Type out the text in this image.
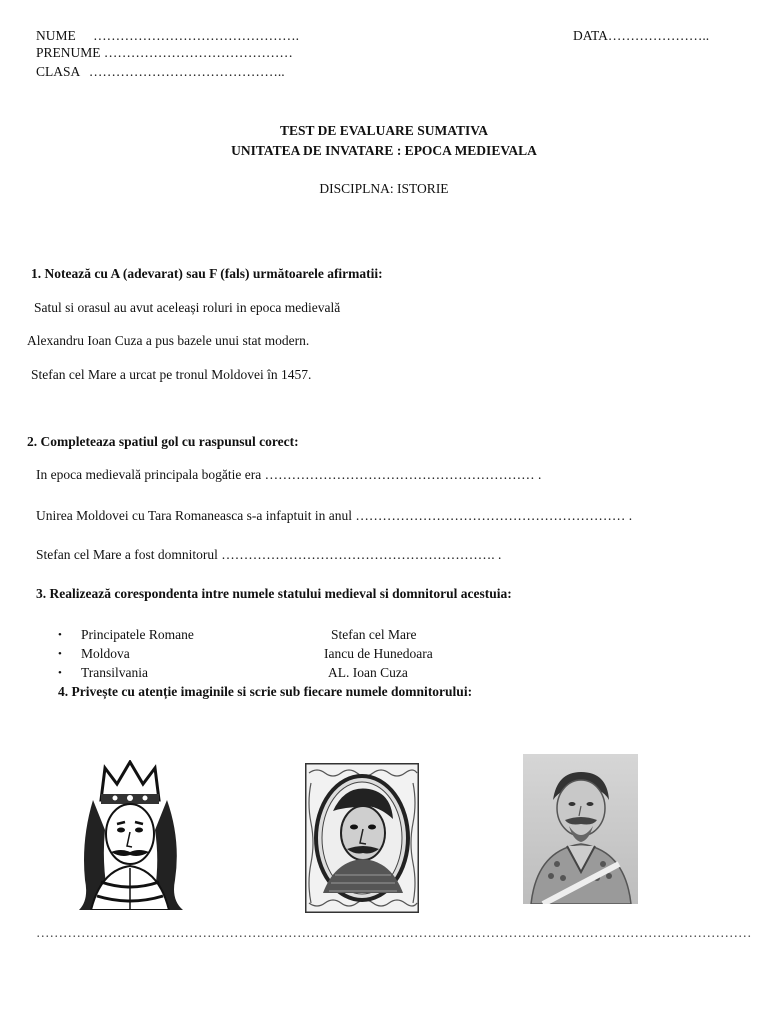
NUME ……………………………………….
PRENUME ……………………………………
CLASA ……………………………………..
DATA…………………..
TEST DE EVALUARE SUMATIVA
UNITATEA DE INVATARE : EPOCA MEDIEVALA
DISCIPLNA: ISTORIE
1. Notează cu A (adevarat) sau F (fals) următoarele afirmatii:
Satul si orasul au avut aceleași roluri in epoca medievală
Alexandru Ioan Cuza a pus bazele unui stat modern.
Stefan cel Mare a urcat pe tronul Moldovei în 1457.
2. Completeaza spatiul gol cu raspunsul corect:
In epoca medievală principala bogătie era …………………………………………………… .
Unirea Moldovei cu Tara Romaneasca s-a infaptuit in anul …………………………………………………… .
Stefan cel Mare a fost domnitorul ……………………………………………………. .
3. Realizează corespondenta intre numele statului medieval si domnitorul acestuia:
•
•
•
Principatele Romane
Moldova
Transilvania
Stefan cel Mare
Iancu de Hunedoara
AL. Ioan Cuza
4. Privește cu atenție imaginile si scrie sub fiecare numele domnitorului:
……………………………………………………………………………………………………………………………………………
